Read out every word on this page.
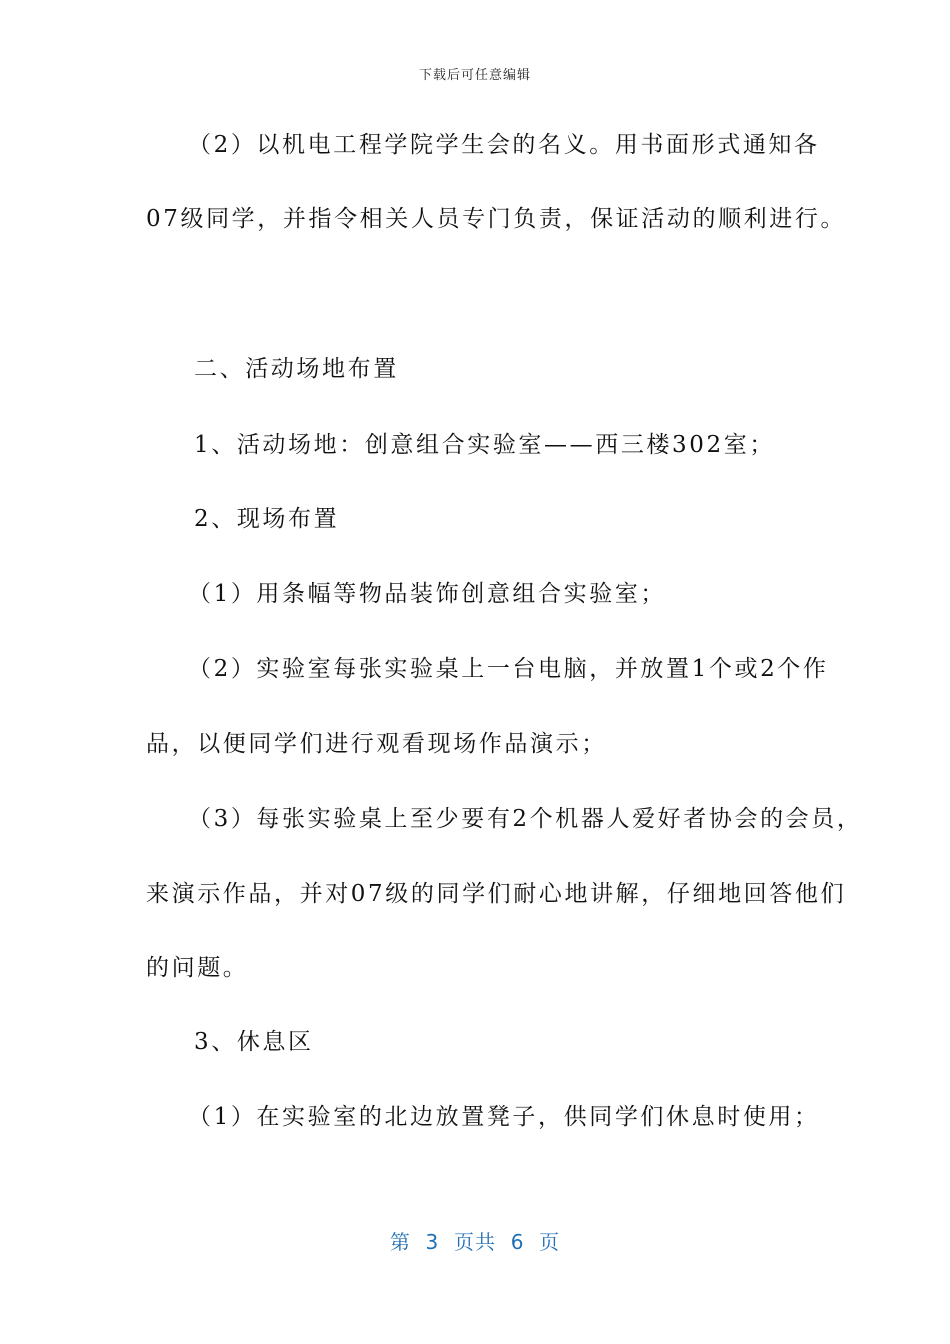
下载后可任意编辑
（2）以机电工程学院学生会的名义。用书面形式通知各
07级同学，并指令相关人员专门负责，保证活动的顺利进行。
二、活动场地布置
1、活动场地：创意组合实验室——西三楼302室；
2、现场布置
（1）用条幅等物品装饰创意组合实验室；
（2）实验室每张实验桌上一台电脑，并放置1个或2个作
品，以便同学们进行观看现场作品演示；
（3）每张实验桌上至少要有2个机器人爱好者协会的会员，
来演示作品，并对07级的同学们耐心地讲解，仔细地回答他们
的问题。
3、休息区
（1）在实验室的北边放置凳子，供同学们休息时使用；
第  3  页共  6  页
